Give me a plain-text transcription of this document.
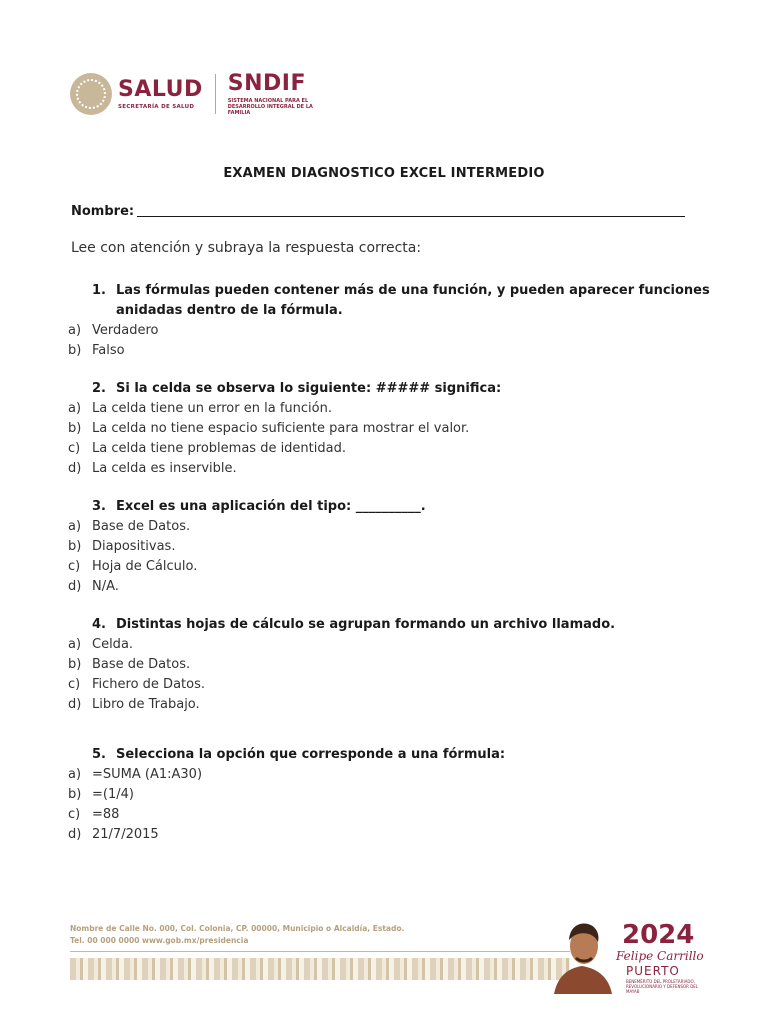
SALUD
SECRETARÍA DE SALUD
SNDIF
SISTEMA NACIONAL PARA EL DESARROLLO INTEGRAL DE LA FAMILIA
EXAMEN DIAGNOSTICO EXCEL INTERMEDIO
Nombre:
Lee con atención y subraya la respuesta correcta:
1. Las fórmulas pueden contener más de una función, y pueden aparecer funciones anidadas dentro de la fórmula.
a) Verdadero
b) Falso
2. Si la celda se observa lo siguiente: ##### significa:
a) La celda tiene un error en la función.
b) La celda no tiene espacio suficiente para mostrar el valor.
c) La celda tiene problemas de identidad.
d) La celda es inservible.
3. Excel es una aplicación del tipo: __________.
a) Base de Datos.
b) Diapositivas.
c) Hoja de Cálculo.
d) N/A.
4. Distintas hojas de cálculo se agrupan formando un archivo llamado.
a) Celda.
b) Base de Datos.
c) Fichero de Datos.
d) Libro de Trabajo.
5. Selecciona la opción que corresponde a una fórmula:
a) =SUMA (A1:A30)
b) =(1/4)
c) =88
d) 21/7/2015
Nombre de Calle No. 000, Col. Colonia, CP. 00000, Municipio o Alcaldía, Estado.
Tel. 00 000 0000 www.gob.mx/presidencia	2024
Felipe Carrillo
PUERTO
BENEMÉRITO DEL PROLETARIADO, REVOLUCIONARIO Y DEFENSOR DEL MAYAB
